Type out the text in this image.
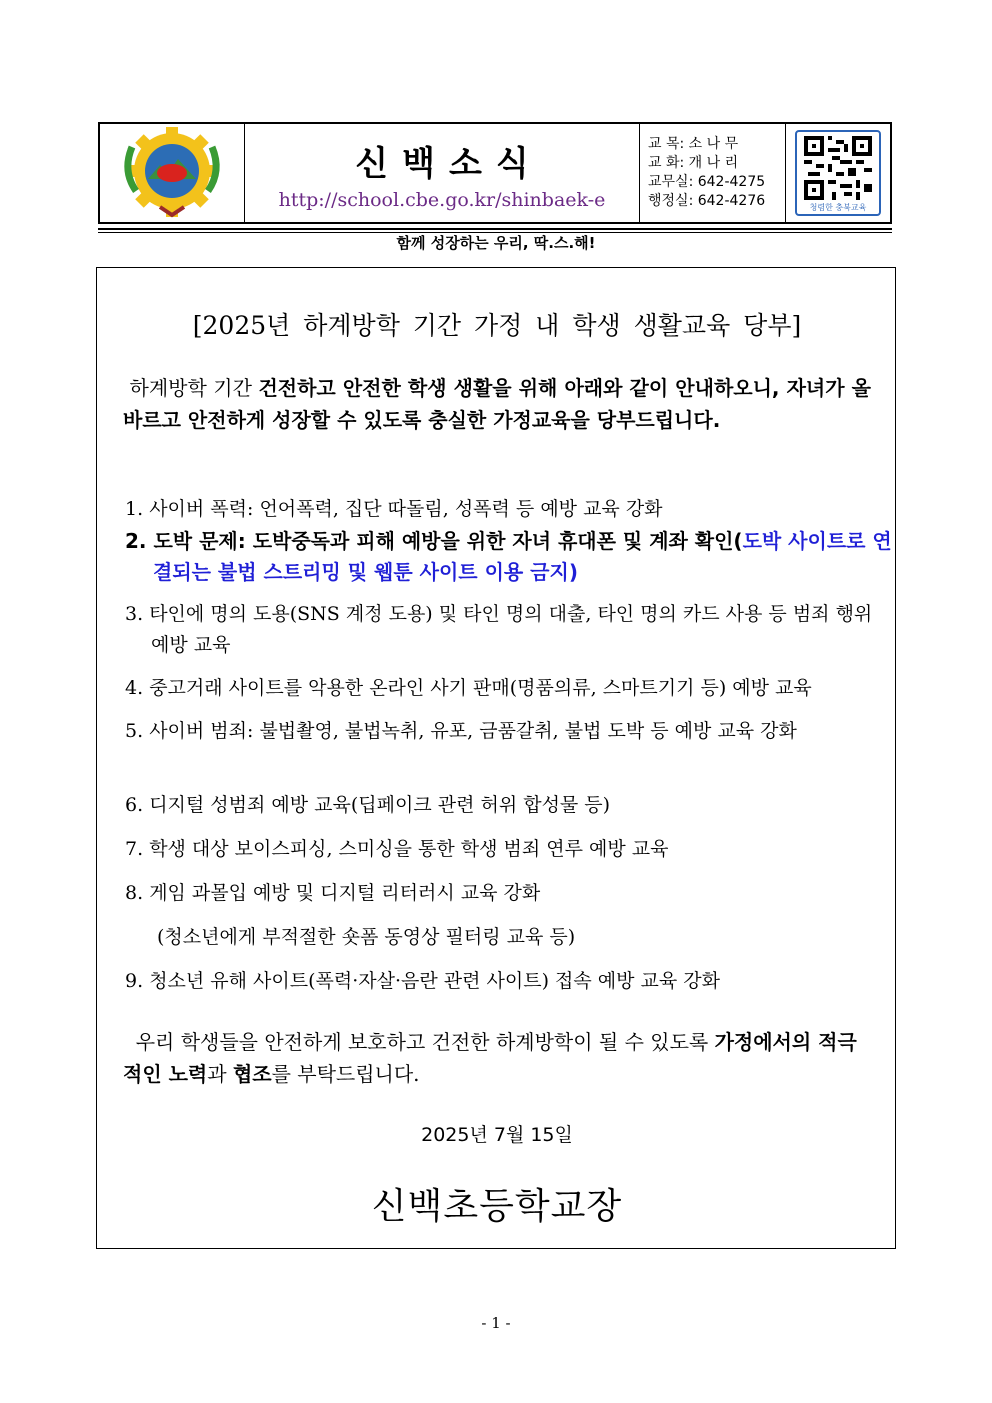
신 백 신백소식
http://school.cbe.go.kr/shinbaek-e
교 목: 소 나 무
교 화: 개 나 리
교무실: 642-4275
행정실: 642-4276	청렴한 충북교육
함께 성장하는 우리, 딱.스.해!
[2025년 하계방학 기간 가정 내 학생 생활교육 당부]
하계방학 기간 건전하고 안전한 학생 생활을 위해 아래와 같이 안내하오니, 자녀가 올바르고 안전하게 성장할 수 있도록 충실한 가정교육을 당부드립니다.
1. 사이버 폭력: 언어폭력, 집단 따돌림, 성폭력 등 예방 교육 강화
2. 도박 문제: 도박중독과 피해 예방을 위한 자녀 휴대폰 및 계좌 확인(도박 사이트로 연결되는 불법 스트리밍 및 웹툰 사이트 이용 금지)
3. 타인에 명의 도용(SNS 계정 도용) 및 타인 명의 대출, 타인 명의 카드 사용 등 범죄 행위 예방 교육
4. 중고거래 사이트를 악용한 온라인 사기 판매(명품의류, 스마트기기 등) 예방 교육
5. 사이버 범죄: 불법촬영, 불법녹취, 유포, 금품갈취, 불법 도박 등 예방 교육 강화
6. 디지털 성범죄 예방 교육(딥페이크 관련 허위 합성물 등)
7. 학생 대상 보이스피싱, 스미싱을 통한 학생 범죄 연루 예방 교육
8. 게임 과몰입 예방 및 디지털 리터러시 교육 강화
(청소년에게 부적절한 숏폼 동영상 필터링 교육 등)
9. 청소년 유해 사이트(폭력·자살·음란 관련 사이트) 접속 예방 교육 강화
우리 학생들을 안전하게 보호하고 건전한 하계방학이 될 수 있도록 가정에서의 적극적인 노력과 협조를 부탁드립니다.
2025년 7월 15일
신백초등학교장
- 1 -
